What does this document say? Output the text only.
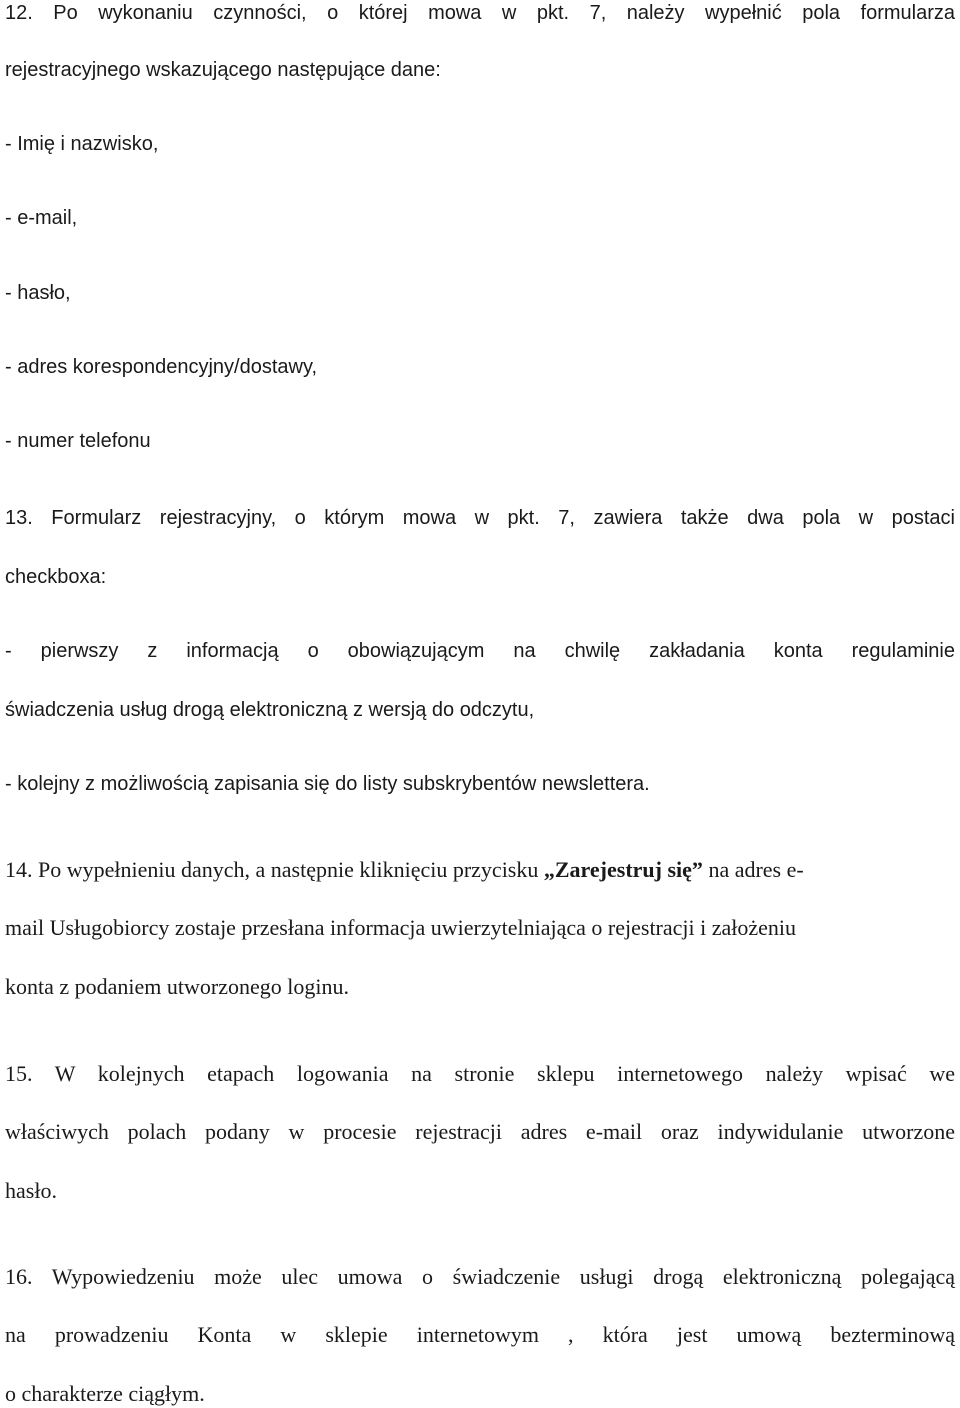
12. Po wykonaniu czynności, o której mowa w pkt. 7, należy wypełnić pola formularza
rejestracyjnego wskazującego następujące dane:
- Imię i nazwisko,
- e-mail,
- hasło,
- adres korespondencyjny/dostawy,
- numer telefonu
13. Formularz rejestracyjny, o którym mowa w pkt. 7, zawiera także dwa pola w postaci
checkboxa:
- pierwszy z informacją o obowiązującym na chwilę zakładania konta regulaminie
świadczenia usług drogą elektroniczną z wersją do odczytu,
- kolejny z możliwością zapisania się do listy subskrybentów newslettera.
14. Po wypełnieniu danych, a następnie kliknięciu przycisku „Zarejestruj się” na adres e-
mail Usługobiorcy zostaje przesłana informacja uwierzytelniająca o rejestracji i założeniu
konta z podaniem utworzonego loginu.
15. W kolejnych etapach logowania na stronie sklepu internetowego należy wpisać we
właściwych polach podany w procesie rejestracji adres e-mail oraz indywidulanie utworzone
hasło.
16. Wypowiedzeniu może ulec umowa o świadczenie usługi drogą elektroniczną polegającą
na prowadzeniu Konta w sklepie internetowym , która jest umową bezterminową
o charakterze ciągłym.
